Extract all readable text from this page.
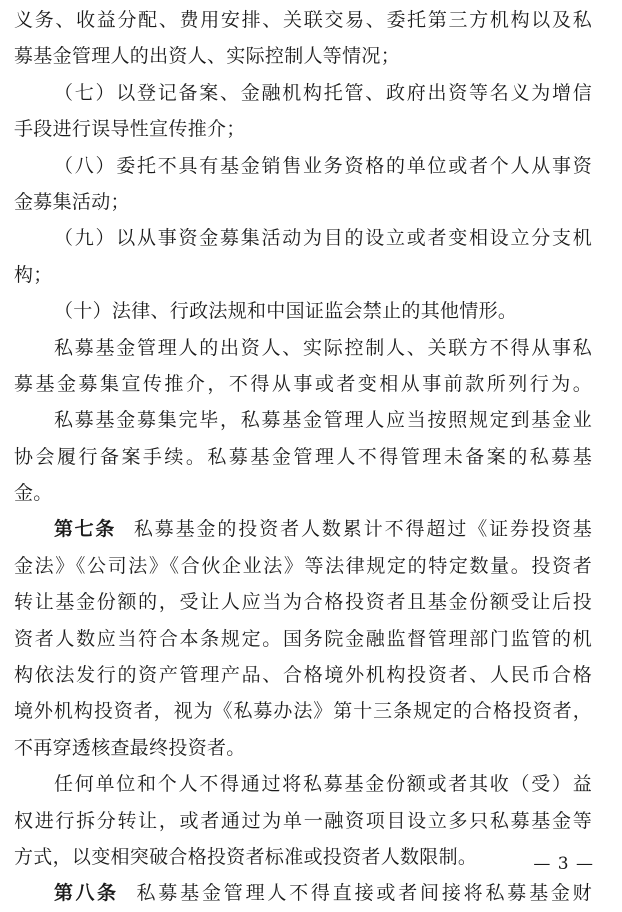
义务、收益分配、费用安排、关联交易、委托第三方机构以及私
募基金管理人的出资人、实际控制人等情况；
（七）以登记备案、金融机构托管、政府出资等名义为增信
手段进行误导性宣传推介；
（八）委托不具有基金销售业务资格的单位或者个人从事资
金募集活动；
（九）以从事资金募集活动为目的设立或者变相设立分支机
构；
（十）法律、行政法规和中国证监会禁止的其他情形。
私募基金管理人的出资人、实际控制人、关联方不得从事私
募基金募集宣传推介，不得从事或者变相从事前款所列行为。
私募基金募集完毕，私募基金管理人应当按照规定到基金业
协会履行备案手续。私募基金管理人不得管理未备案的私募基
金。
第七条 私募基金的投资者人数累计不得超过《证券投资基
金法》《公司法》《合伙企业法》等法律规定的特定数量。投资者
转让基金份额的，受让人应当为合格投资者且基金份额受让后投
资者人数应当符合本条规定。国务院金融监督管理部门监管的机
构依法发行的资产管理产品、合格境外机构投资者、人民币合格
境外机构投资者，视为《私募办法》第十三条规定的合格投资者，
不再穿透核查最终投资者。
任何单位和个人不得通过将私募基金份额或者其收（受）益
权进行拆分转让，或者通过为单一融资项目设立多只私募基金等
方式，以变相突破合格投资者标准或投资者人数限制。
第八条 私募基金管理人不得直接或者间接将私募基金财
— 3 —
